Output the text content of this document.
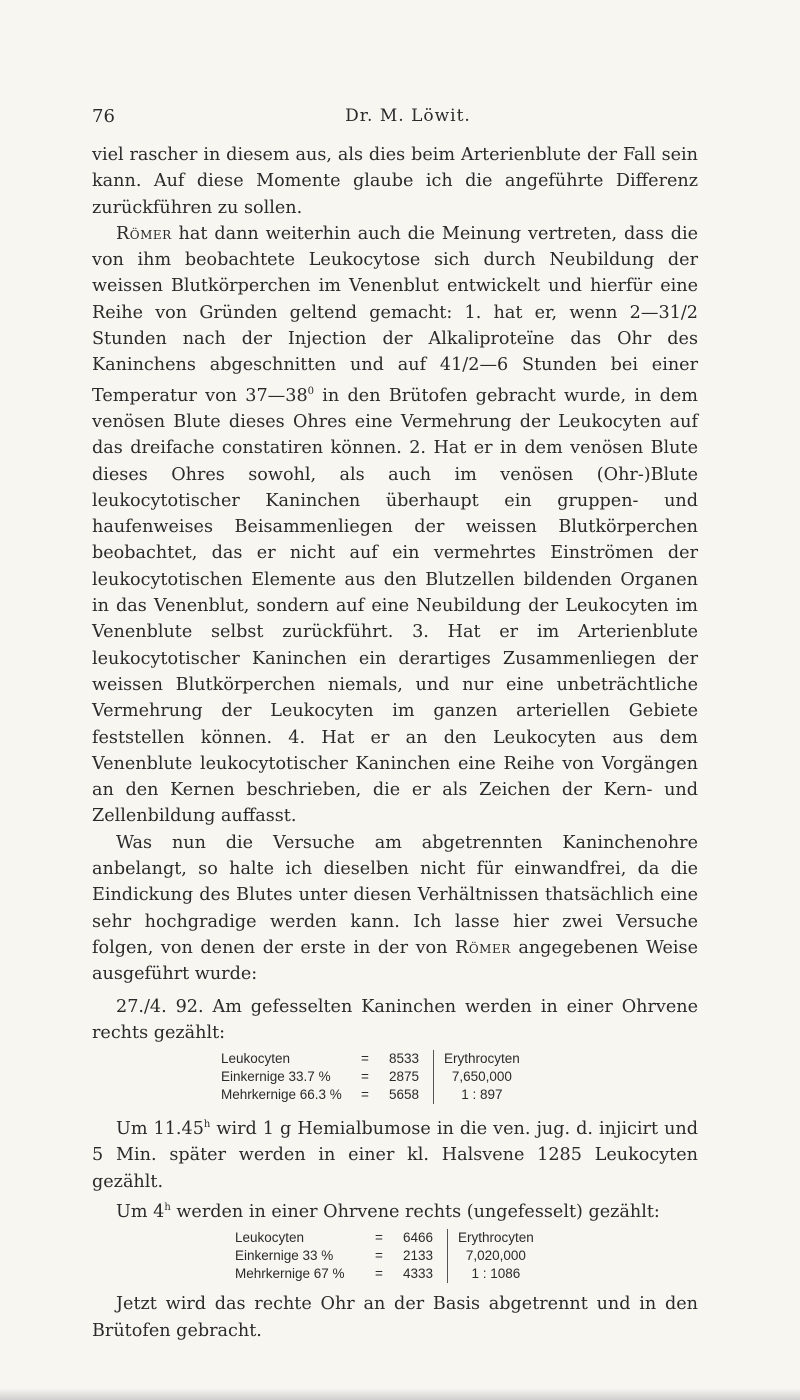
76	Dr. M. Löwit.

viel rascher in diesem aus, als dies beim Arterienblute der Fall sein kann. Auf diese Momente glaube ich die angeführte Differenz zurückführen zu sollen.

Römer hat dann weiterhin auch die Meinung vertreten, dass die von ihm beobachtete Leukocytose sich durch Neubildung der weissen Blutkörperchen im Venenblut entwickelt und hierfür eine Reihe von Gründen geltend gemacht: 1. hat er, wenn 2—31/2 Stunden nach der Injection der Alkaliproteïne das Ohr des Kaninchens abgeschnitten und auf 41/2—6 Stunden bei einer Temperatur von $37—38^0$ in den Brütofen gebracht wurde, in dem venösen Blute dieses Ohres eine Vermehrung der Leukocyten auf das dreifache constatiren können. 2. Hat er in dem venösen Blute dieses Ohres sowohl, als auch im venösen (Ohr-)Blute leukocytotischer Kaninchen überhaupt ein gruppen- und haufenweises Beisammenliegen der weissen Blutkörperchen beobachtet, das er nicht auf ein vermehrtes Einströmen der leukocytotischen Elemente aus den Blutzellen bildenden Organen in das Venenblut, sondern auf eine Neubildung der Leukocyten im Venenblute selbst zurückführt. 3. Hat er im Arterienblute leukocytotischer Kaninchen ein derartiges Zusammenliegen der weissen Blutkörperchen niemals, und nur eine unbeträchtliche Vermehrung der Leukocyten im ganzen arteriellen Gebiete feststellen können. 4. Hat er an den Leukocyten aus dem Venenblute leukocytotischer Kaninchen eine Reihe von Vorgängen an den Kernen beschrieben, die er als Zeichen der Kern- und Zellenbildung auffasst.

Was nun die Versuche am abgetrennten Kaninchenohre anbelangt, so halte ich dieselben nicht für einwandfrei, da die Eindickung des Blutes unter diesen Verhältnissen thatsächlich eine sehr hochgradige werden kann. Ich lasse hier zwei Versuche folgen, von denen der erste in der von Römer angegebenen Weise ausgeführt wurde:

27./4. 92. Am gefesselten Kaninchen werden in einer Ohrvene rechts gezählt:

Leukocyten	=	8533	Erythrocyten
Einkernige 33.7 %	=	2875	7,650,000
Mehrkernige 66.3 %	=	5658	1 : 897

Um 11.45$^h$ wird 1 g Hemialbumose in die ven. jug. d. injicirt und 5 Min. später werden in einer kl. Halsvene 1285 Leukocyten gezählt.

Um 4$^h$ werden in einer Ohrvene rechts (ungefesselt) gezählt:

Leukocyten	=	6466	Erythrocyten
Einkernige 33 %	=	2133	7,020,000
Mehrkernige 67 %	=	4333	1 : 1086

Jetzt wird das rechte Ohr an der Basis abgetrennt und in den Brütofen gebracht.
